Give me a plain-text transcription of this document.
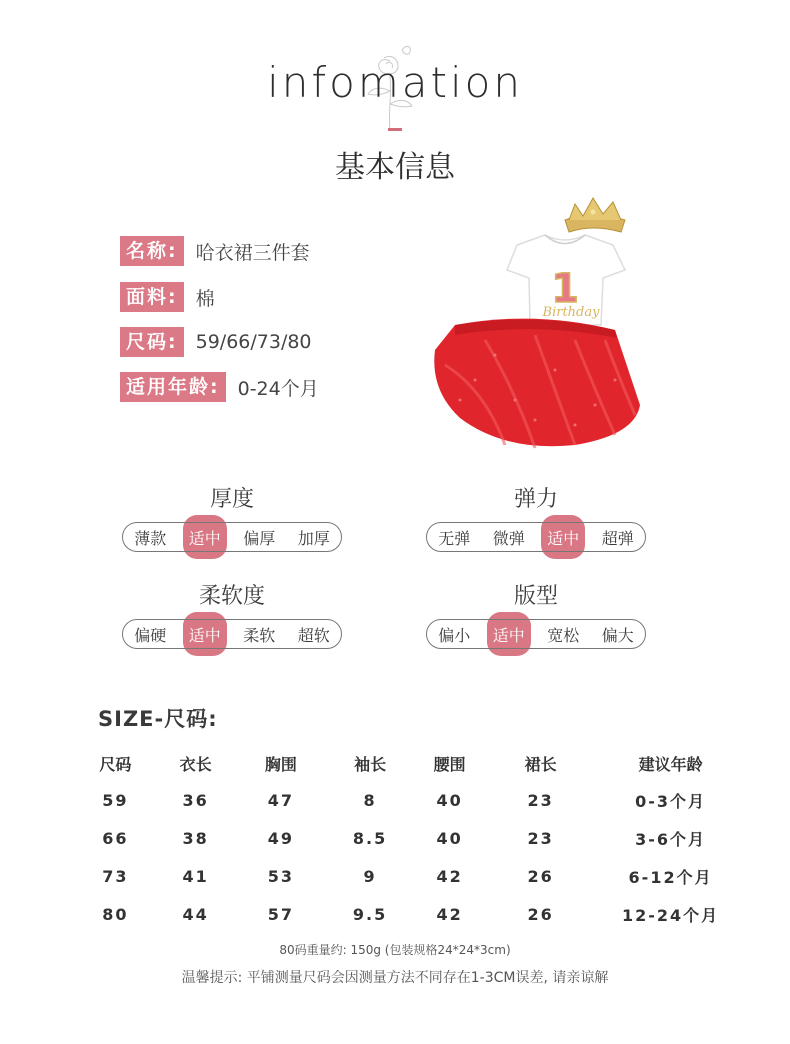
infomation
基本信息
名称: 哈衣裙三件套
面料: 棉
尺码: 59/66/73/80
适用年龄: 0-24个月
1
Birthday
厚度
薄款	适中	偏厚	加厚
弹力
无弹	微弹	适中	超弹
柔软度
偏硬	适中	柔软	超软
版型
偏小	适中	宽松	偏大
SIZE-尺码:
尺码	衣长	胸围	袖长	腰围	裙长	建议年龄
59	36	47	8	40	23	0-3个月
66	38	49	8.5	40	23	3-6个月
73	41	53	9	42	26	6-12个月
80	44	57	9.5	42	26	12-24个月
80码重量约: 150g (包装规格24*24*3cm)
温馨提示: 平铺测量尺码会因测量方法不同存在1-3CM误差, 请亲谅解
